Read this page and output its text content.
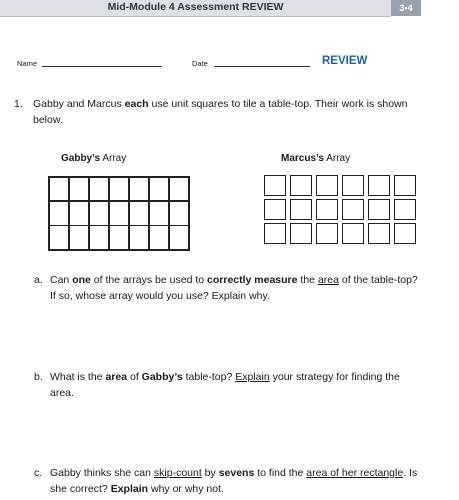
Mid-Module 4 Assessment REVIEW	3•4
Name	Date	REVIEW
1. Gabby and Marcus each use unit squares to tile a table-top. Their work is shown below.
Gabby’s Array	Marcus’s Array
a. Can one of the arrays be used to correctly measure the area of the table-top? If so, whose array would you use? Explain why.
b. What is the area of Gabby’s table-top? Explain your strategy for finding the area.
c. Gabby thinks she can skip-count by sevens to find the area of her rectangle. Is she correct? Explain why or why not.
